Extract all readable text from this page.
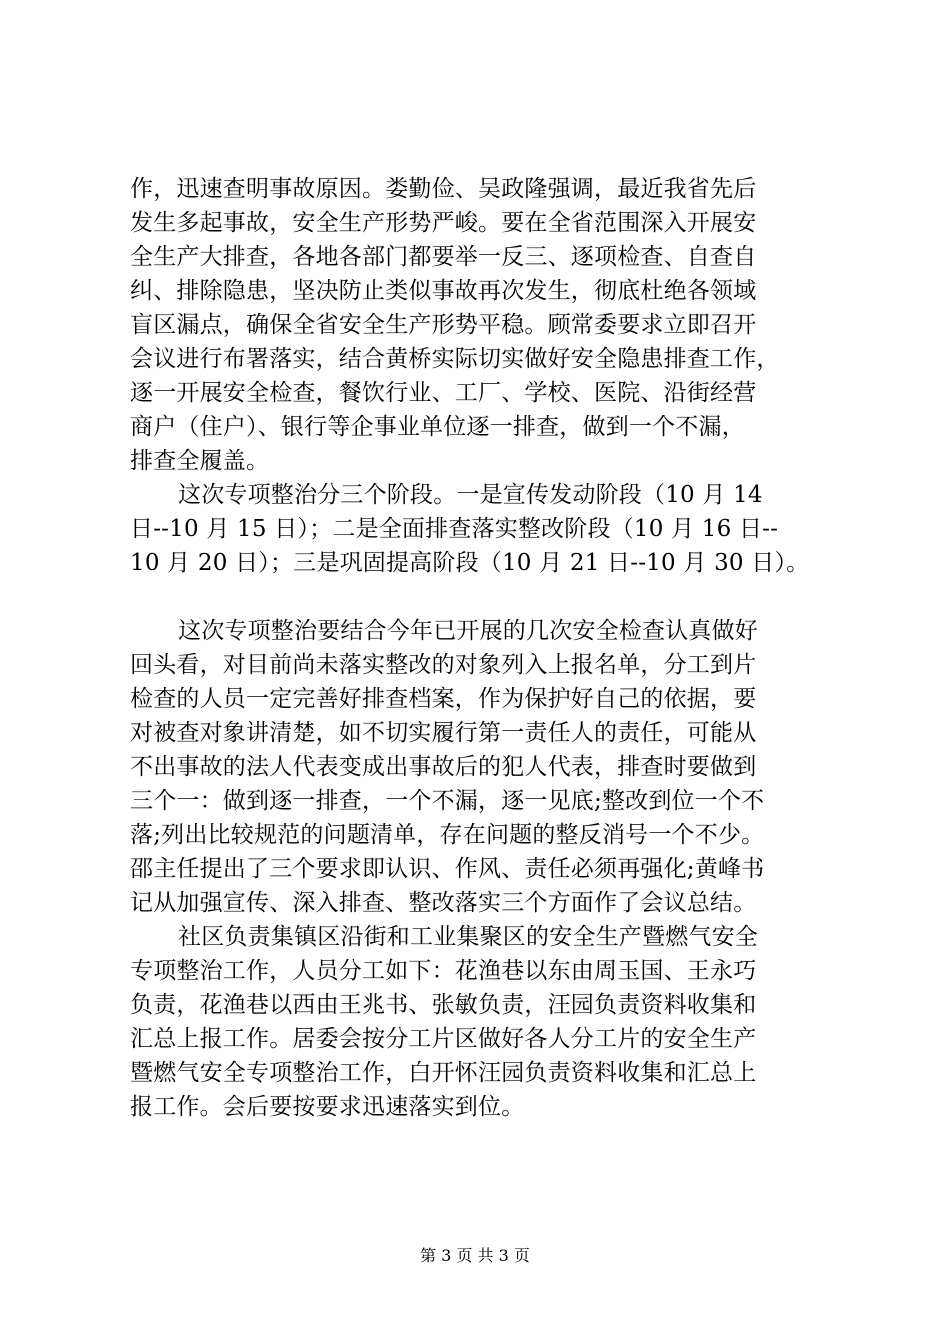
作，迅速查明事故原因。娄勤俭、吴政隆强调，最近我省先后
发生多起事故，安全生产形势严峻。要在全省范围深入开展安
全生产大排查，各地各部门都要举一反三、逐项检查、自查自
纠、排除隐患，坚决防止类似事故再次发生，彻底杜绝各领域
盲区漏点，确保全省安全生产形势平稳。顾常委要求立即召开
会议进行布署落实，结合黄桥实际切实做好安全隐患排查工作，
逐一开展安全检查，餐饮行业、工厂、学校、医院、沿街经营
商户（住户）、银行等企事业单位逐一排查，做到一个不漏，
排查全履盖。
这次专项整治分三个阶段。一是宣传发动阶段（10 月 14
日--10 月 15 日）；二是全面排查落实整改阶段（10 月 16 日--
10 月 20 日）；三是巩固提高阶段（10 月 21 日--10 月 30 日）。
这次专项整治要结合今年已开展的几次安全检查认真做好
回头看，对目前尚未落实整改的对象列入上报名单，分工到片
检查的人员一定完善好排查档案，作为保护好自己的依据，要
对被查对象讲清楚，如不切实履行第一责任人的责任，可能从
不出事故的法人代表变成出事故后的犯人代表，排查时要做到
三个一：做到逐一排查，一个不漏，逐一见底;整改到位一个不
落;列出比较规范的问题清单，存在问题的整反消号一个不少。
邵主任提出了三个要求即认识、作风、责任必须再强化;黄峰书
记从加强宣传、深入排查、整改落实三个方面作了会议总结。
社区负责集镇区沿街和工业集聚区的安全生产暨燃气安全
专项整治工作，人员分工如下：花渔巷以东由周玉国、王永巧
负责，花渔巷以西由王兆书、张敏负责，汪园负责资料收集和
汇总上报工作。居委会按分工片区做好各人分工片的安全生产
暨燃气安全专项整治工作，白开怀汪园负责资料收集和汇总上
报工作。会后要按要求迅速落实到位。
第 3 页 共 3 页
